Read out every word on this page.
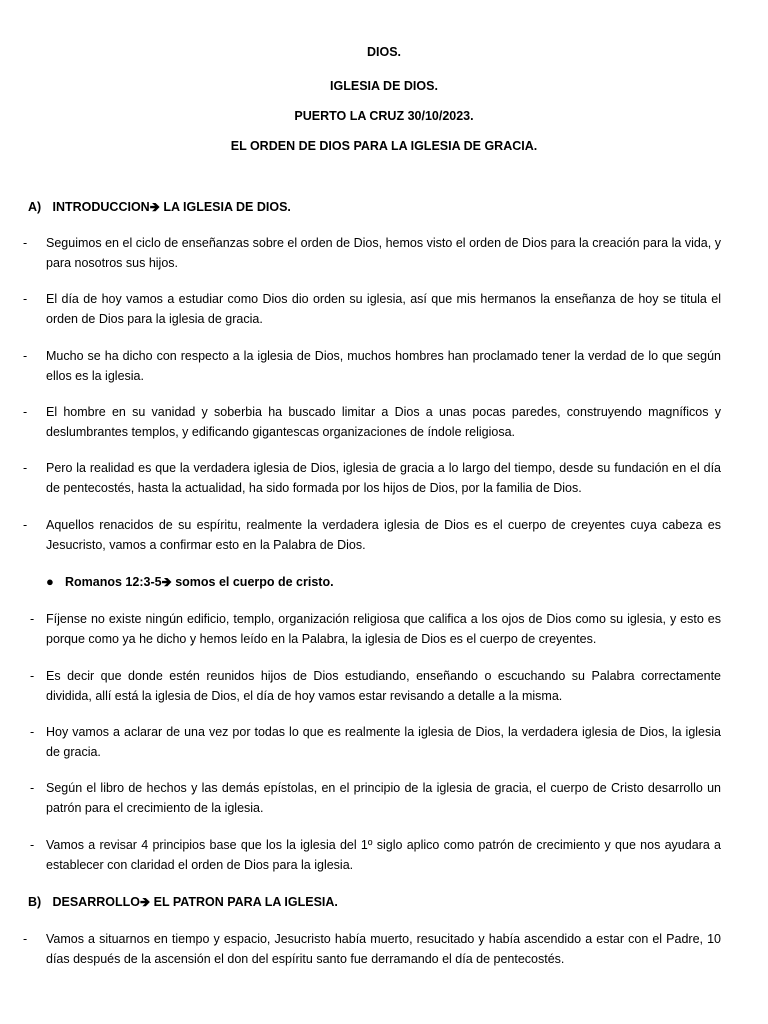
DIOS.
IGLESIA DE DIOS.
PUERTO LA CRUZ 30/10/2023.
EL ORDEN DE DIOS PARA LA IGLESIA DE GRACIA.
A) INTRODUCCION🡺 LA IGLESIA DE DIOS.
- Seguimos en el ciclo de enseñanzas sobre el orden de Dios, hemos visto el orden de Dios para la creación para la vida, y para nosotros sus hijos.
- El día de hoy vamos a estudiar como Dios dio orden su iglesia, así que mis hermanos la enseñanza de hoy se titula el orden de Dios para la iglesia de gracia.
- Mucho se ha dicho con respecto a la iglesia de Dios, muchos hombres han proclamado tener la verdad de lo que según ellos es la iglesia.
- El hombre en su vanidad y soberbia ha buscado limitar a Dios a unas pocas paredes, construyendo magníficos y deslumbrantes templos, y edificando gigantescas organizaciones de índole religiosa.
- Pero la realidad es que la verdadera iglesia de Dios, iglesia de gracia a lo largo del tiempo, desde su fundación en el día de pentecostés, hasta la actualidad, ha sido formada por los hijos de Dios, por la familia de Dios.
- Aquellos renacidos de su espíritu, realmente la verdadera iglesia de Dios es el cuerpo de creyentes cuya cabeza es Jesucristo, vamos a confirmar esto en la Palabra de Dios.
● Romanos 12:3-5🡺 somos el cuerpo de cristo.
- Fíjense no existe ningún edificio, templo, organización religiosa que califica a los ojos de Dios como su iglesia, y esto es porque como ya he dicho y hemos leído en la Palabra, la iglesia de Dios es el cuerpo de creyentes.
- Es decir que donde estén reunidos hijos de Dios estudiando, enseñando o escuchando su Palabra correctamente dividida, allí está la iglesia de Dios, el día de hoy vamos estar revisando a detalle a la misma.
- Hoy vamos a aclarar de una vez por todas lo que es realmente la iglesia de Dios, la verdadera iglesia de Dios, la iglesia de gracia.
- Según el libro de hechos y las demás epístolas, en el principio de la iglesia de gracia, el cuerpo de Cristo desarrollo un patrón para el crecimiento de la iglesia.
- Vamos a revisar 4 principios base que los la iglesia del 1º siglo aplico como patrón de crecimiento y que nos ayudara a establecer con claridad el orden de Dios para la iglesia.
B) DESARROLLO🡺 EL PATRON PARA LA IGLESIA.
- Vamos a situarnos en tiempo y espacio, Jesucristo había muerto, resucitado y había ascendido a estar con el Padre, 10 días después de la ascensión el don del espíritu santo fue derramando el día de pentecostés.
